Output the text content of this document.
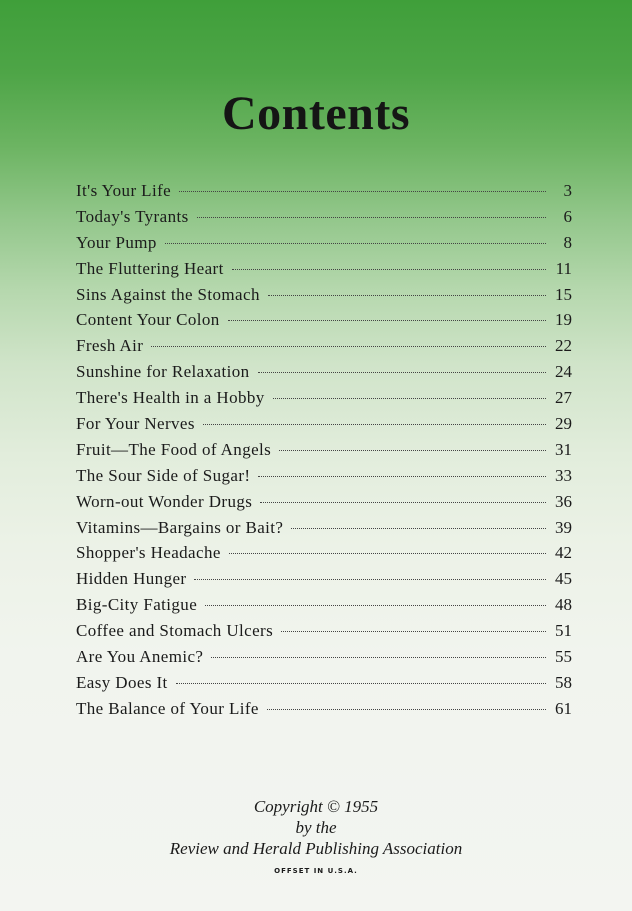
Contents
It's Your Life	3
Today's Tyrants	6
Your Pump	8
The Fluttering Heart	11
Sins Against the Stomach	15
Content Your Colon	19
Fresh Air	22
Sunshine for Relaxation	24
There's Health in a Hobby	27
For Your Nerves	29
Fruit—The Food of Angels	31
The Sour Side of Sugar!	33
Worn-out Wonder Drugs	36
Vitamins—Bargains or Bait?	39
Shopper's Headache	42
Hidden Hunger	45
Big-City Fatigue	48
Coffee and Stomach Ulcers	51
Are You Anemic?	55
Easy Does It	58
The Balance of Your Life	61
Copyright © 1955
by the
Review and Herald Publishing Association
OFFSET IN U.S.A.
